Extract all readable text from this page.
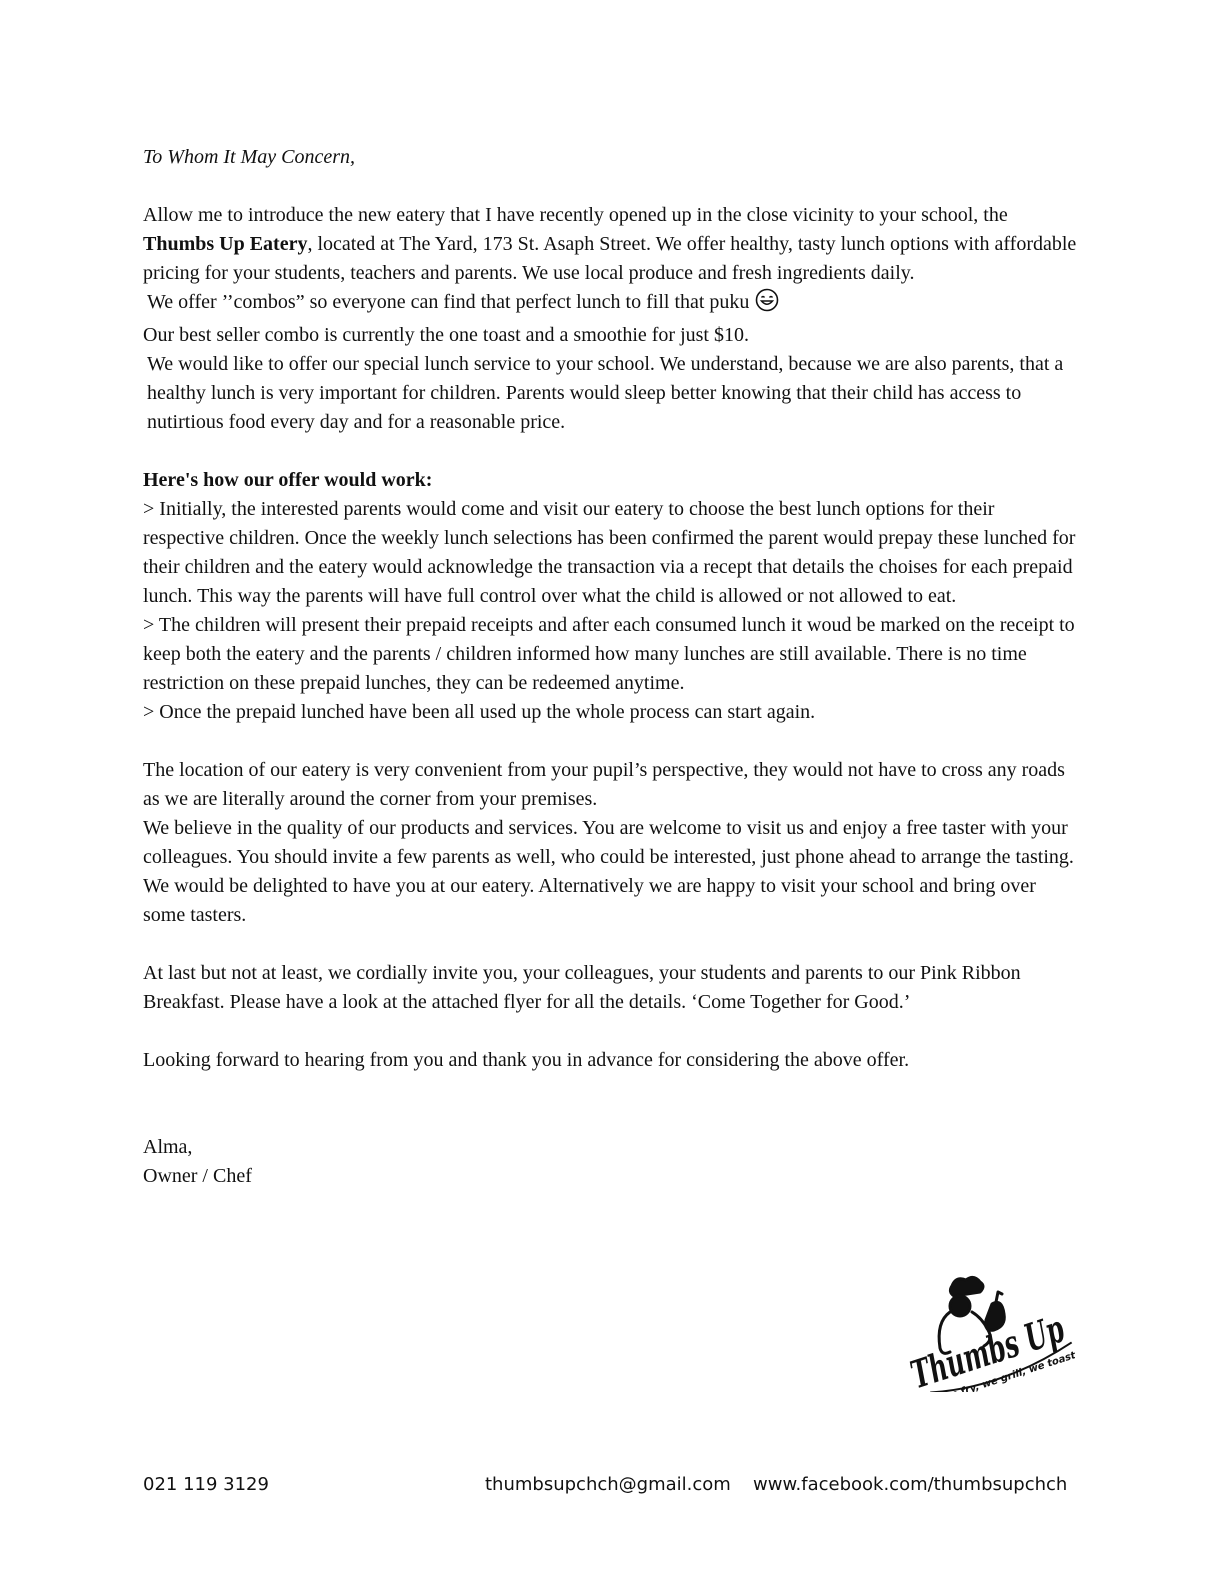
To Whom It May Concern,

Allow me to introduce the new eatery that I have recently opened up in the close vicinity to your school, the Thumbs Up Eatery, located at The Yard, 173 St. Asaph Street. We offer healthy, tasty lunch options with affordable pricing for your students, teachers and parents. We use local produce and fresh ingredients daily.

We offer ’’combos” so everyone can find that perfect lunch to fill that puku

Our best seller combo is currently the one toast and a smoothie for just $10.

We would like to offer our special lunch service to your school. We understand, because we are also parents, that a healthy lunch is very important for children. Parents would sleep better knowing that their child has access to nutirtious food every day and for a reasonable price.

Here's how our offer would work:

> Initially, the interested parents would come and visit our eatery to choose the best lunch options for their respective children. Once the weekly lunch selections has been confirmed the parent would prepay these lunched for their children and the eatery would acknowledge the transaction via a recept that details the choises for each prepaid lunch. This way the parents will have full control over what the child is allowed or not allowed to eat.

> The children will present their prepaid receipts and after each consumed lunch it woud be marked on the receipt to keep both the eatery and the parents / children informed how many lunches are still available. There is no time restriction on these prepaid lunches, they can be redeemed anytime.

> Once the prepaid lunched have been all used up the whole process can start again.

The location of our eatery is very convenient from your pupil’s perspective, they would not have to cross any roads as we are literally around the corner from your premises.

We believe in the quality of our products and services. You are welcome to visit us and enjoy a free taster with your colleagues. You should invite a few parents as well, who could be interested, just phone ahead to arrange the tasting. We would be delighted to have you at our eatery. Alternatively we are happy to visit your school and bring over some tasters.

At last but not at least, we cordially invite you, your colleagues, your students and parents to our Pink Ribbon Breakfast. Please have a look at the attached flyer for all the details. ‘Come Together for Good.’

Looking forward to hearing from you and thank you in advance for considering the above offer.

Alma,

Owner / Chef

Thumbs
we fry, we grill, we toast
021 119 3129	thumbsupchch@gmail.com www.facebook.com/thumbsupchch
